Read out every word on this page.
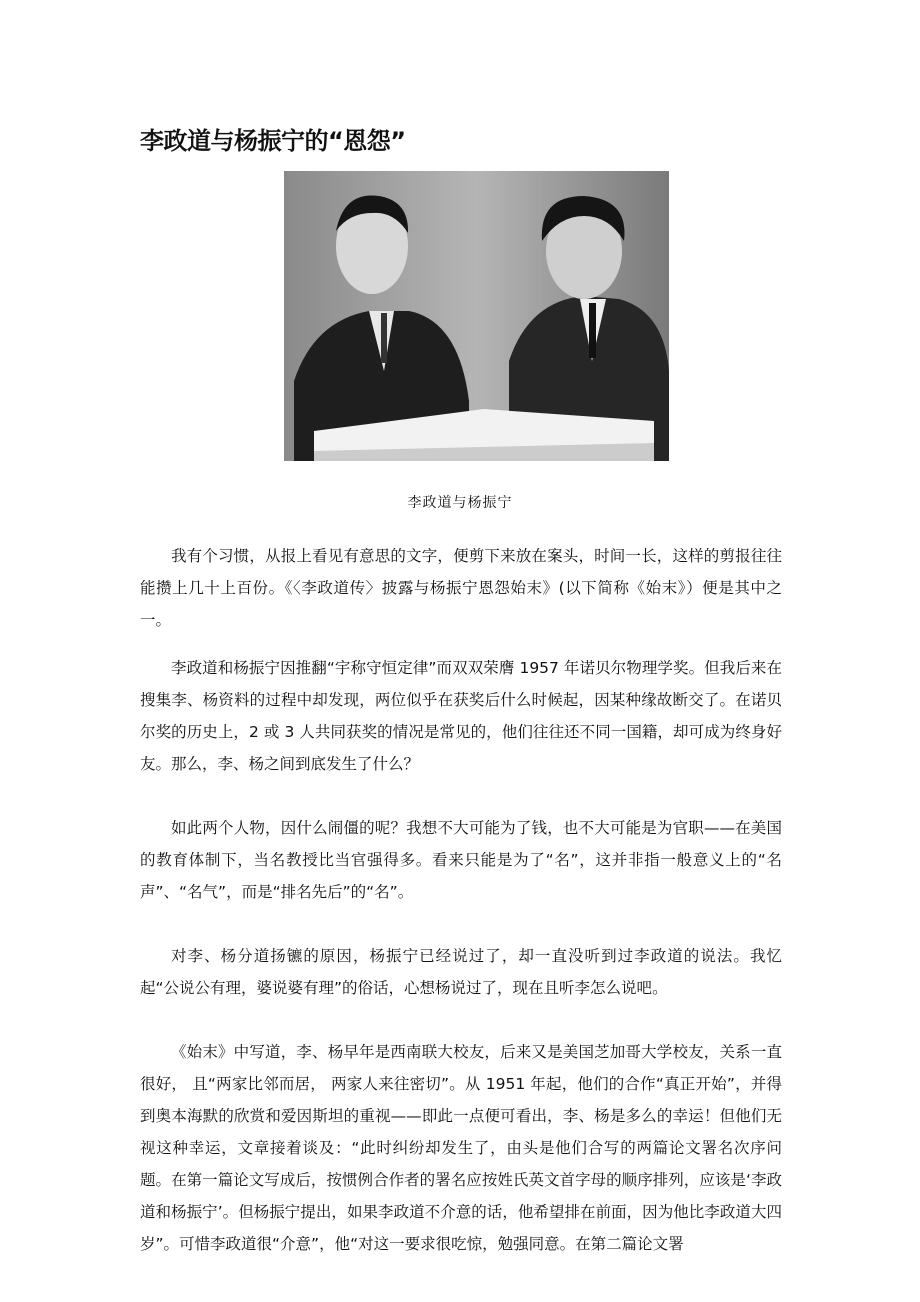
李政道与杨振宁的“恩怨”
李政道与杨振宁

我有个习惯，从报上看见有意思的文字，便剪下来放在案头，时间一长，这样的剪报往往能攒上几十上百份。《〈李政道传〉披露与杨振宁恩怨始末》(以下简称《始末》）便是其中之一。

李政道和杨振宁因推翻“宇称守恒定律”而双双荣膺 1957 年诺贝尔物理学奖。但我后来在搜集李、杨资料的过程中却发现，两位似乎在获奖后什么时候起，因某种缘故断交了。在诺贝尔奖的历史上，2 或 3 人共同获奖的情况是常见的，他们往往还不同一国籍，却可成为终身好友。那么，李、杨之间到底发生了什么？

如此两个人物，因什么闹僵的呢？我想不大可能为了钱，也不大可能是为官职——在美国的教育体制下，当名教授比当官强得多。看来只能是为了“名”，这并非指一般意义上的“名声”、“名气”，而是“排名先后”的“名”。

对李、杨分道扬镳的原因，杨振宁已经说过了，却一直没听到过李政道的说法。我忆起“公说公有理，婆说婆有理”的俗话，心想杨说过了，现在且听李怎么说吧。

《始末》中写道，李、杨早年是西南联大校友，后来又是美国芝加哥大学校友，关系一直很好， 且“两家比邻而居， 两家人来往密切”。从 1951 年起，他们的合作“真正开始”，并得到奥本海默的欣赏和爱因斯坦的重视——即此一点便可看出，李、杨是多么的幸运！但他们无视这种幸运，文章接着谈及：“此时纠纷却发生了，由头是他们合写的两篇论文署名次序问题。在第一篇论文写成后，按惯例合作者的署名应按姓氏英文首字母的顺序排列，应该是‘李政道和杨振宁’。但杨振宁提出，如果李政道不介意的话，他希望排在前面，因为他比李政道大四岁”。可惜李政道很“介意”，他“对这一要求很吃惊，勉强同意。在第二篇论文署
